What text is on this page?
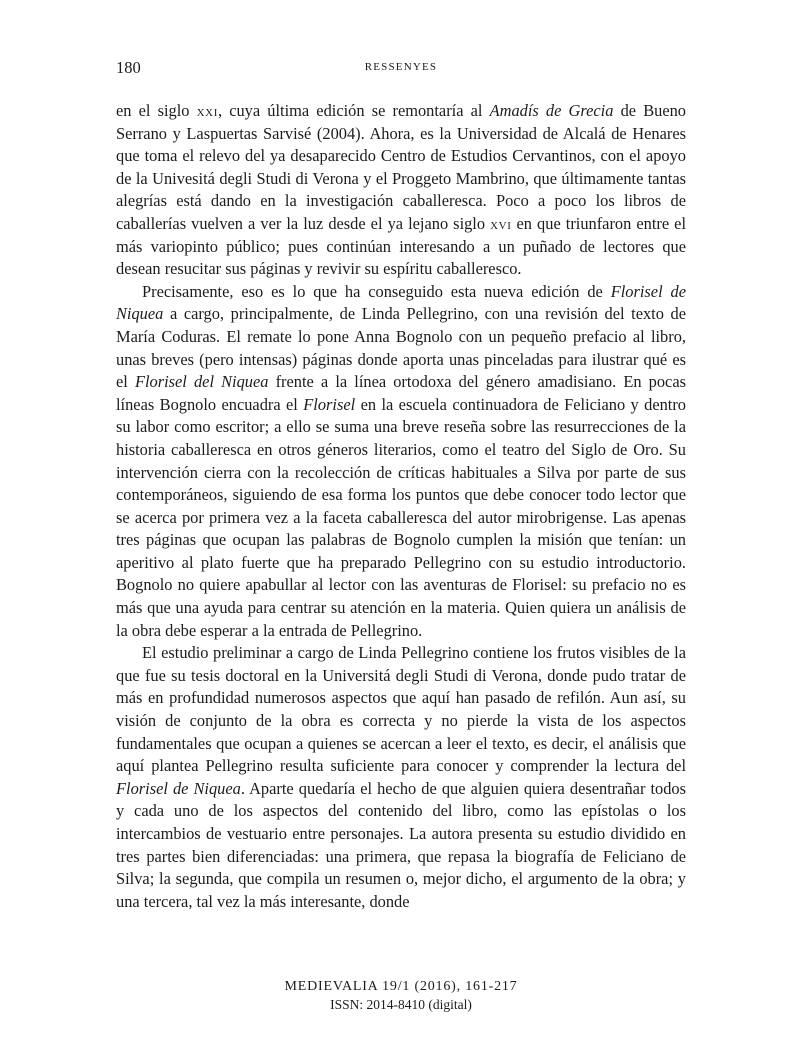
180	RESSENYES

en el siglo xxi, cuya última edición se remontaría al Amadís de Grecia de Bueno Serrano y Laspuertas Sarvisé (2004). Ahora, es la Universidad de Alcalá de Henares que toma el relevo del ya desaparecido Centro de Estudios Cervantinos, con el apoyo de la Univesitá degli Studi di Verona y el Proggeto Mambrino, que últimamente tantas alegrías está dando en la investigación caballeresca. Poco a poco los libros de caballerías vuelven a ver la luz desde el ya lejano siglo xvi en que triunfaron entre el más variopinto público; pues continúan interesando a un puñado de lectores que desean resucitar sus páginas y revivir su espíritu caballeresco.

Precisamente, eso es lo que ha conseguido esta nueva edición de Florisel de Niquea a cargo, principalmente, de Linda Pellegrino, con una revisión del texto de María Coduras. El remate lo pone Anna Bognolo con un pequeño prefacio al libro, unas breves (pero intensas) páginas donde aporta unas pinceladas para ilustrar qué es el Florisel del Niquea frente a la línea ortodoxa del género amadisiano. En pocas líneas Bognolo encuadra el Florisel en la escuela continuadora de Feliciano y dentro su labor como escritor; a ello se suma una breve reseña sobre las resurrecciones de la historia caballeresca en otros géneros literarios, como el teatro del Siglo de Oro. Su intervención cierra con la recolección de críticas habituales a Silva por parte de sus contemporáneos, siguiendo de esa forma los puntos que debe conocer todo lector que se acerca por primera vez a la faceta caballeresca del autor mirobrigense. Las apenas tres páginas que ocupan las palabras de Bognolo cumplen la misión que tenían: un aperitivo al plato fuerte que ha preparado Pellegrino con su estudio introductorio. Bognolo no quiere apabullar al lector con las aventuras de Florisel: su prefacio no es más que una ayuda para centrar su atención en la materia. Quien quiera un análisis de la obra debe esperar a la entrada de Pellegrino.

El estudio preliminar a cargo de Linda Pellegrino contiene los frutos visibles de la que fue su tesis doctoral en la Universitá degli Studi di Verona, donde pudo tratar de más en profundidad numerosos aspectos que aquí han pasado de refilón. Aun así, su visión de conjunto de la obra es correcta y no pierde la vista de los aspectos fundamentales que ocupan a quienes se acercan a leer el texto, es decir, el análisis que aquí plantea Pellegrino resulta suficiente para conocer y comprender la lectura del Florisel de Niquea. Aparte quedaría el hecho de que alguien quiera desentrañar todos y cada uno de los aspectos del contenido del libro, como las epístolas o los intercambios de vestuario entre personajes. La autora presenta su estudio dividido en tres partes bien diferenciadas: una primera, que repasa la biografía de Feliciano de Silva; la segunda, que compila un resumen o, mejor dicho, el argumento de la obra; y una tercera, tal vez la más interesante, donde

MEDIEVALIA 19/1 (2016), 161-217
ISSN: 2014-8410 (digital)
